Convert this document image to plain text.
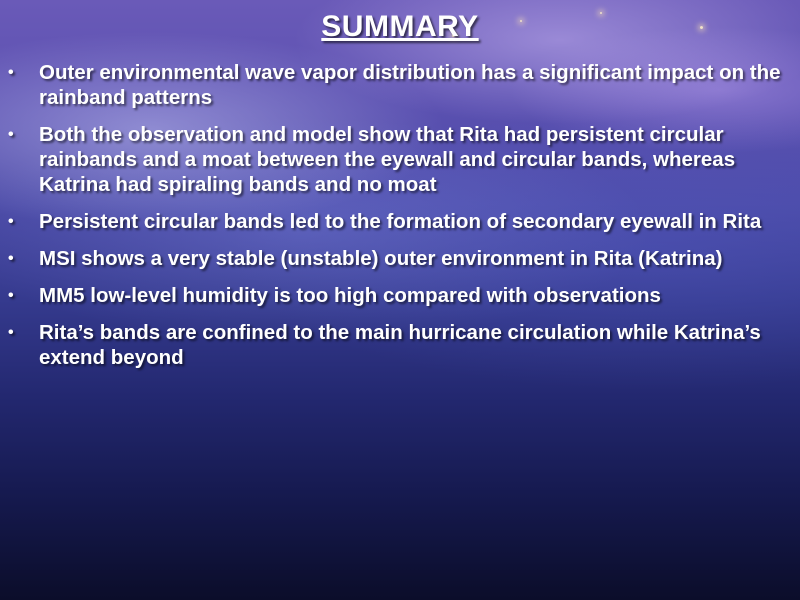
SUMMARY
•	Outer environmental wave vapor distribution has a significant impact on the rainband patterns
•	Both the observation and model show that Rita had persistent circular rainbands and a moat between the eyewall and circular bands, whereas Katrina had spiraling bands and no moat
•	Persistent circular bands led to the formation of secondary eyewall in Rita
•	MSI shows a very stable (unstable) outer environment in Rita (Katrina)
•	MM5 low-level humidity is too high compared with observations
•	Rita’s bands are confined to the main hurricane circulation while Katrina’s extend beyond
